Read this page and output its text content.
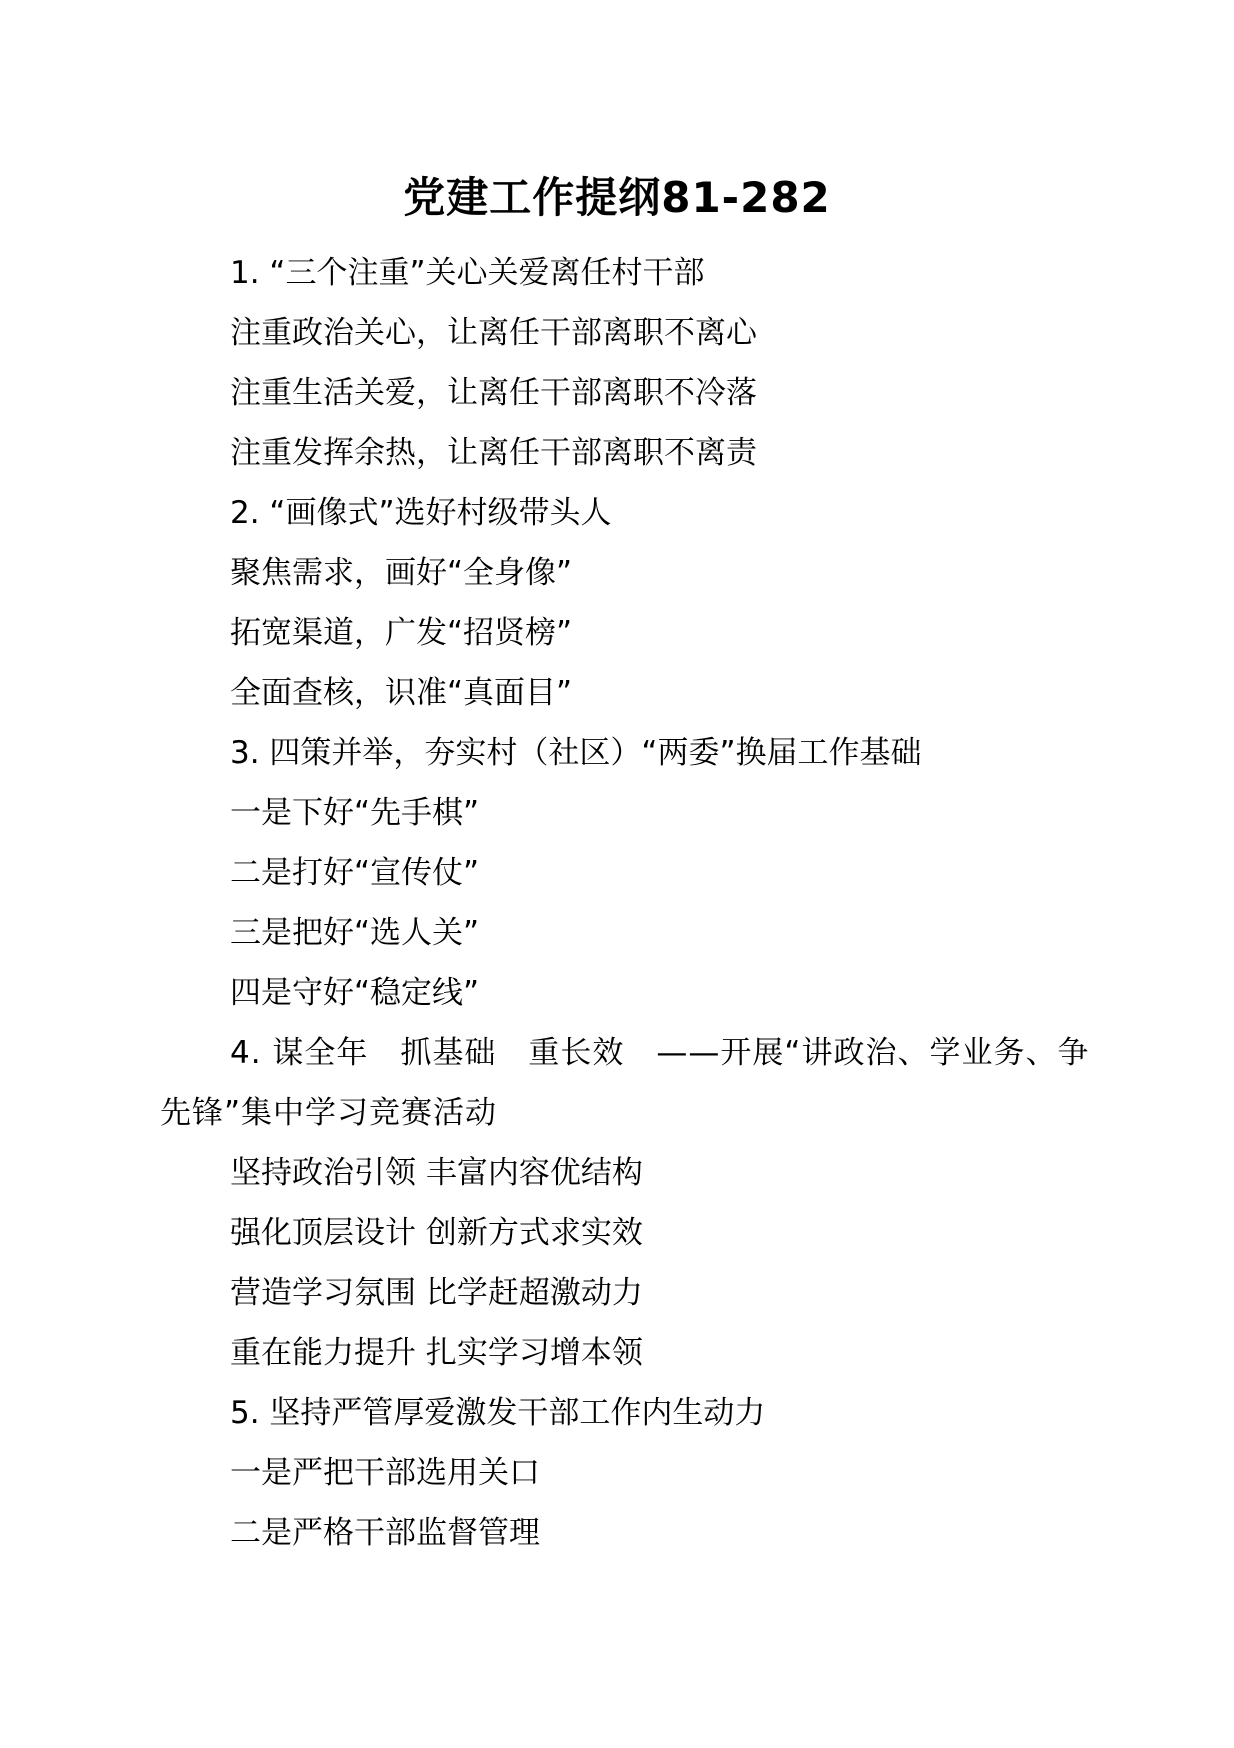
党建工作提纲81-282
1. “三个注重”关心关爱离任村干部
注重政治关心，让离任干部离职不离心
注重生活关爱，让离任干部离职不冷落
注重发挥余热，让离任干部离职不离责
2. “画像式”选好村级带头人
聚焦需求，画好“全身像”
拓宽渠道，广发“招贤榜”
全面查核，识准“真面目”
3. 四策并举，夯实村（社区）“两委”换届工作基础
一是下好“先手棋”
二是打好“宣传仗”
三是把好“选人关”
四是守好“稳定线”
4. 谋全年　抓基础　重长效　——开展“讲政治、学业务、争先锋”集中学习竞赛活动
坚持政治引领 丰富内容优结构
强化顶层设计 创新方式求实效
营造学习氛围 比学赶超激动力
重在能力提升 扎实学习增本领
5. 坚持严管厚爱激发干部工作内生动力
一是严把干部选用关口
二是严格干部监督管理
